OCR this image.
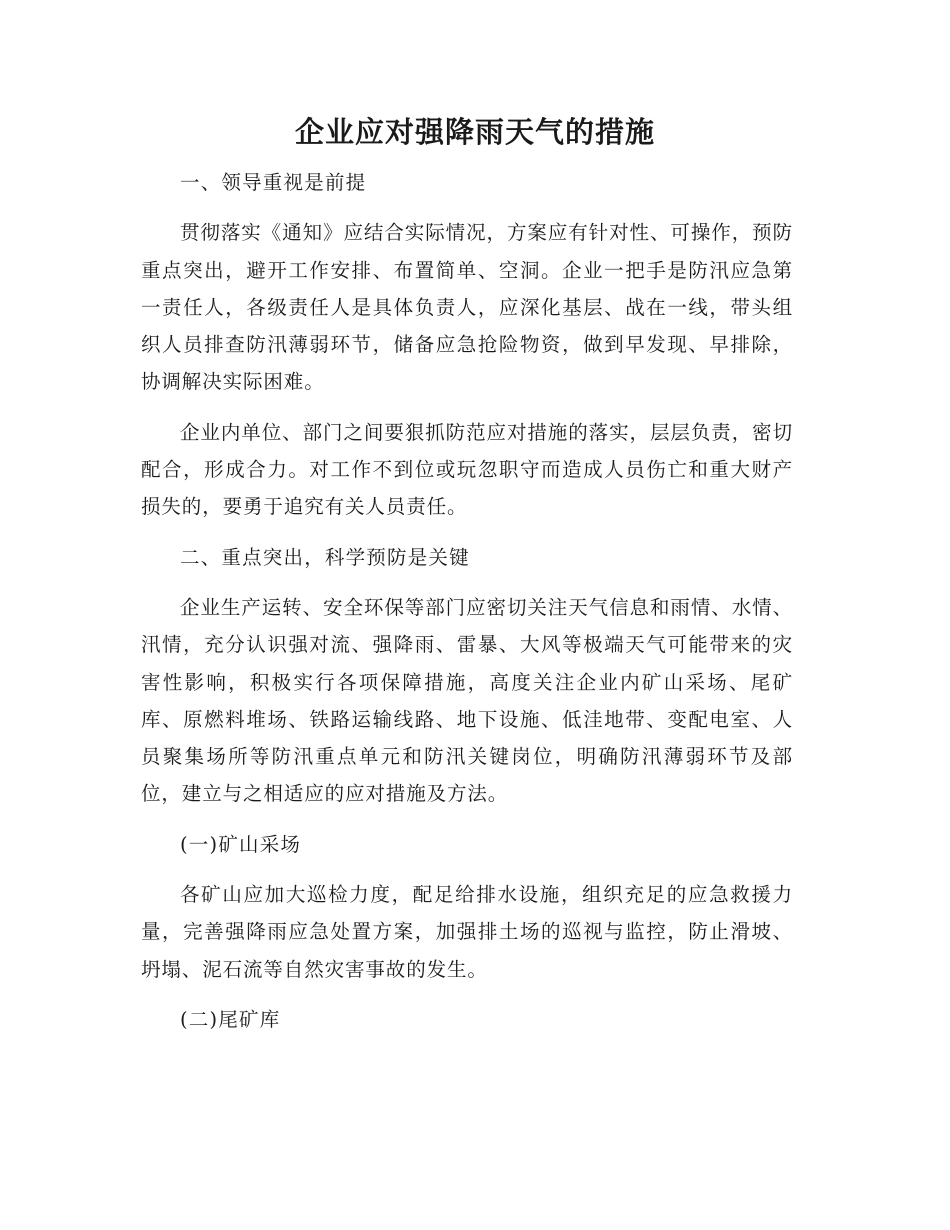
企业应对强降雨天气的措施

一、领导重视是前提

贯彻落实《通知》应结合实际情况，方案应有针对性、可操作，预防重点突出，避开工作安排、布置简单、空洞。企业一把手是防汛应急第一责任人，各级责任人是具体负责人，应深化基层、战在一线，带头组织人员排查防汛薄弱环节，储备应急抢险物资，做到早发现、早排除，协调解决实际困难。

企业内单位、部门之间要狠抓防范应对措施的落实，层层负责，密切配合，形成合力。对工作不到位或玩忽职守而造成人员伤亡和重大财产损失的，要勇于追究有关人员责任。

二、重点突出，科学预防是关键

企业生产运转、安全环保等部门应密切关注天气信息和雨情、水情、汛情，充分认识强对流、强降雨、雷暴、大风等极端天气可能带来的灾害性影响，积极实行各项保障措施，高度关注企业内矿山采场、尾矿库、原燃料堆场、铁路运输线路、地下设施、低洼地带、变配电室、人员聚集场所等防汛重点单元和防汛关键岗位，明确防汛薄弱环节及部位，建立与之相适应的应对措施及方法。

(一)矿山采场

各矿山应加大巡检力度，配足给排水设施，组织充足的应急救援力量，完善强降雨应急处置方案，加强排土场的巡视与监控，防止滑坡、坍塌、泥石流等自然灾害事故的发生。

(二)尾矿库
